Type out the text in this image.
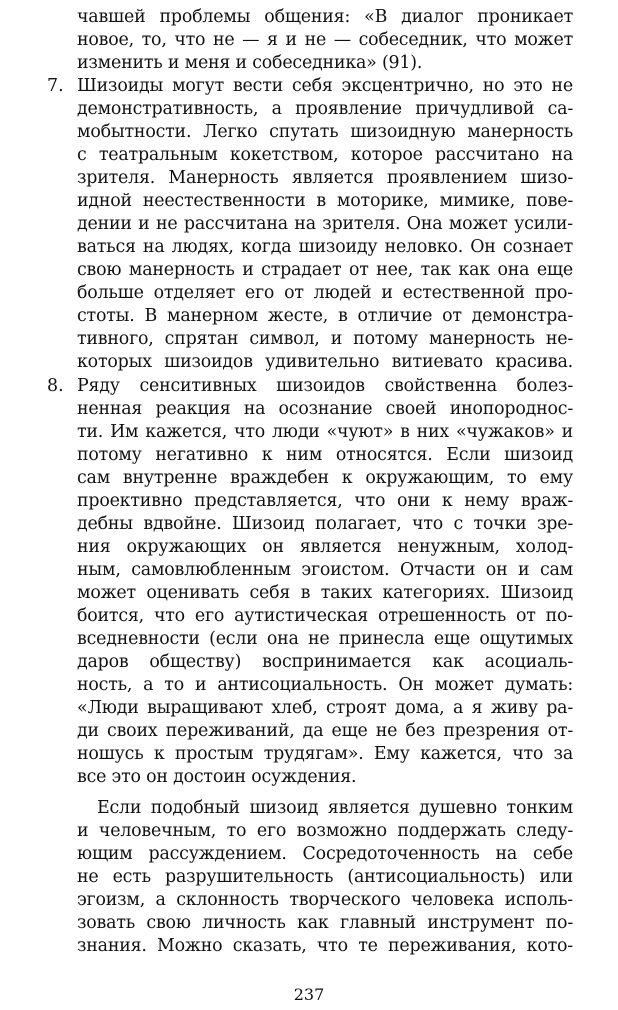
чавшей проблемы общения: «В диалог проникает
новое, то, что не — я и не — собеседник, что может
изменить и меня и собеседника» (91).
7. Шизоиды могут вести себя эксцентрично, но это не
демонстративность, а проявление причудливой са-
мобытности. Легко спутать шизоидную манерность
с театральным кокетством, которое рассчитано на
зрителя. Манерность является проявлением шизо-
идной неестественности в моторике, мимике, пове-
дении и не рассчитана на зрителя. Она может усили-
ваться на людях, когда шизоиду неловко. Он сознает
свою манерность и страдает от нее, так как она еще
больше отделяет его от людей и естественной про-
стоты. В манерном жесте, в отличие от демонстра-
тивного, спрятан символ, и потому манерность не-
которых шизоидов удивительно витиевато красива.
8. Ряду сенситивных шизоидов свойственна болез-
ненная реакция на осознание своей инопороднос-
ти. Им кажется, что люди «чуют» в них «чужаков» и
потому негативно к ним относятся. Если шизоид
сам внутренне враждебен к окружающим, то ему
проективно представляется, что они к нему враж-
дебны вдвойне. Шизоид полагает, что с точки зре-
ния окружающих он является ненужным, холод-
ным, самовлюбленным эгоистом. Отчасти он и сам
может оценивать себя в таких категориях. Шизоид
боится, что его аутистическая отрешенность от по-
вседневности (если она не принесла еще ощутимых
даров обществу) воспринимается как асоциаль-
ность, а то и антисоциальность. Он может думать:
«Люди выращивают хлеб, строят дома, а я живу ра-
ди своих переживаний, да еще не без презрения от-
ношусь к простым трудягам». Ему кажется, что за
все это он достоин осуждения.
Если подобный шизоид является душевно тонким
и человечным, то его возможно поддержать следу-
ющим рассуждением. Сосредоточенность на себе
не есть разрушительность (антисоциальность) или
эгоизм, а склонность творческого человека исполь-
зовать свою личность как главный инструмент по-
знания. Можно сказать, что те переживания, кото-
237
